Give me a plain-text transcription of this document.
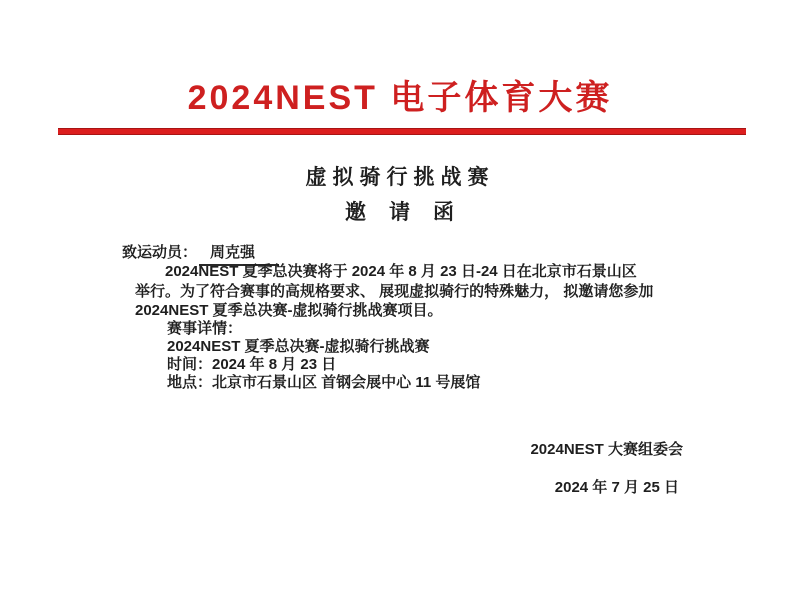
2024NEST 电子体育大赛
虚拟骑行挑战赛
邀　请　函
致运动员： 周克强
2024NEST 夏季总决赛将于 2024 年 8 月 23 日-24 日在北京市石景山区
举行。为了符合赛事的高规格要求、 展现虚拟骑行的特殊魅力， 拟邀请您参加
2024NEST 夏季总决赛-虚拟骑行挑战赛项目。
赛事详情：
2024NEST 夏季总决赛-虚拟骑行挑战赛
时间：2024 年 8 月 23 日
地点：北京市石景山区 首钢会展中心 11 号展馆
2024NEST 大赛组委会
2024 年 7 月 25 日
